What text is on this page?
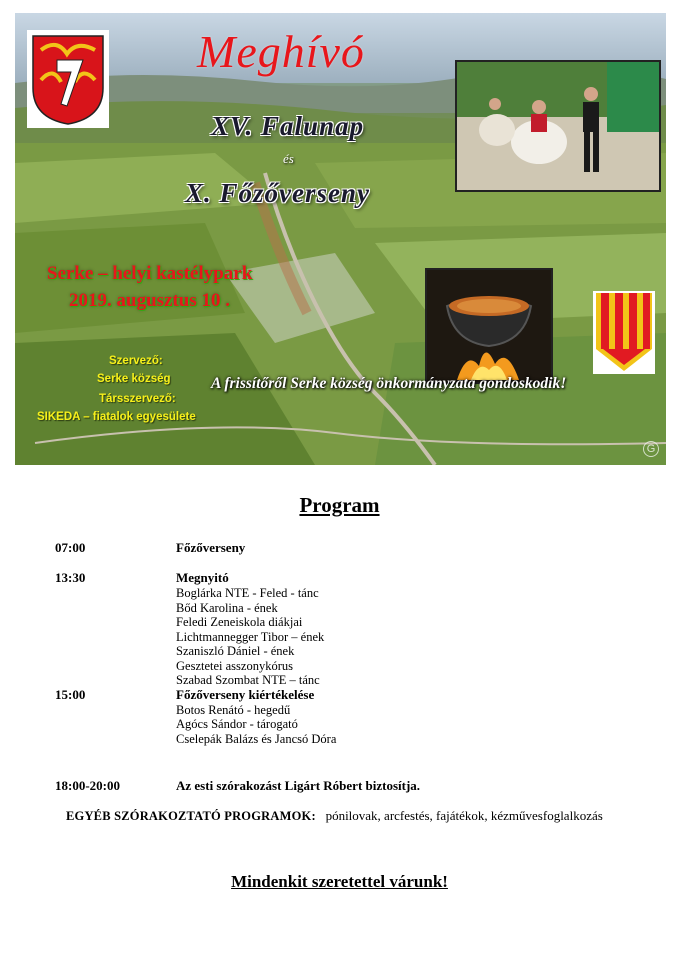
Meghívó
XV. Falunap
és
X. Főzőverseny
Serke – helyi kastélypark
2019. augusztus 10 .
Szervező:
Serke község
Társszervező:
SIKEDA – fiatalok egyesülete
A frissítőről Serke község önkormányzata gondoskodik!
G
Program
07:00	Főzőverseny
13:30	Megnyitó
Boglárka NTE - Feled - tánc
Bőd Karolina - ének
Feledi Zeneiskola diákjai
Lichtmannegger Tibor – ének
Szaniszló Dániel - ének
Gesztetei asszonykórus
Szabad Szombat NTE – tánc
15:00	Főzőverseny kiértékelése
Botos Renátó - hegedű
Agócs Sándor - tárogató
Cselepák Balázs és Jancsó Dóra
18:00-20:00	Az esti szórakozást Ligárt Róbert biztosítja.
EGYÉB SZÓRAKOZTATÓ PROGRAMOK: pónilovak, arcfestés, fajátékok, kézművesfoglalkozás
Mindenkit szeretettel várunk!
